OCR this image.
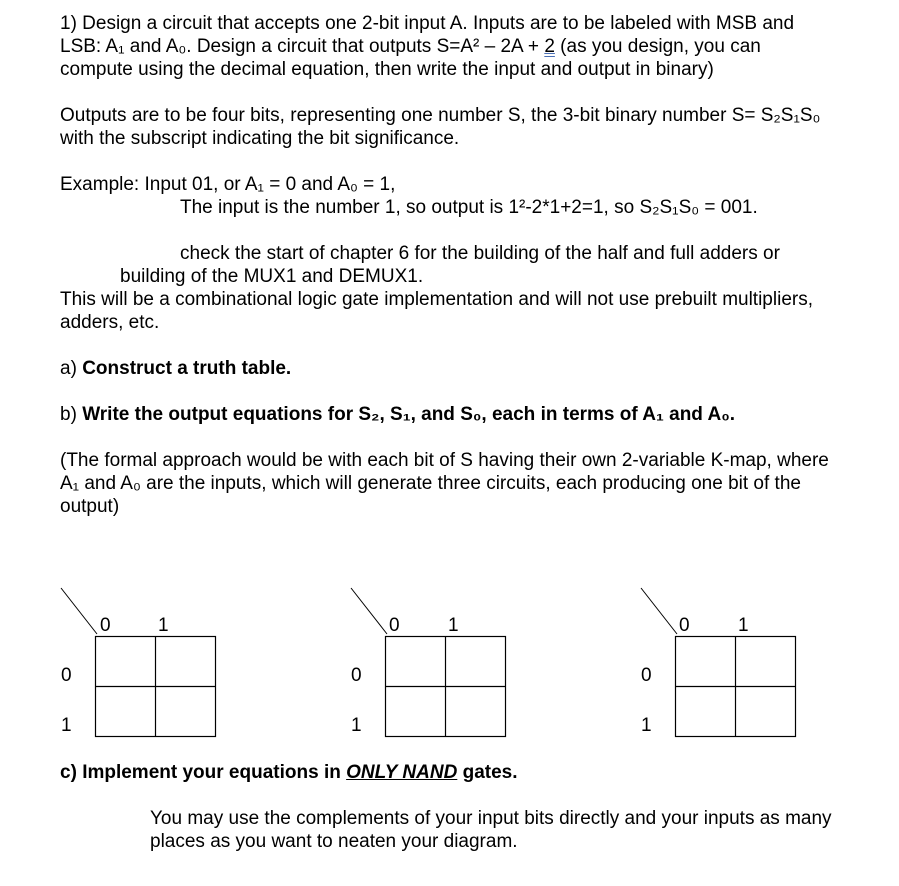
1) Design a circuit that accepts one 2-bit input A. Inputs are to be labeled with MSB and
LSB: A₁ and A₀. Design a circuit that outputs S=A² – 2A + 2 (as you design, you can
compute using the decimal equation, then write the input and output in binary)
Outputs are to be four bits, representing one number S, the 3-bit binary number S= S₂S₁S₀
with the subscript indicating the bit significance.
Example: Input 01, or A₁ = 0 and A₀ = 1,
The input is the number 1, so output is 1²-2*1+2=1, so S₂S₁S₀ = 001.
check the start of chapter 6 for the building of the half and full adders or
building of the MUX1 and DEMUX1.
This will be a combinational logic gate implementation and will not use prebuilt multipliers,
adders, etc.
a) Construct a truth table.
b) Write the output equations for S₂, S₁, and S₀, each in terms of A₁ and A₀.
(The formal approach would be with each bit of S having their own 2-variable K-map, where
A₁ and A₀ are the inputs, which will generate three circuits, each producing one bit of the
output)
0 1
0
1
0	1
0
1
0	1
0
1
c) Implement your equations in ONLY NAND gates.
You may use the complements of your input bits directly and your inputs as many
places as you want to neaten your diagram.
